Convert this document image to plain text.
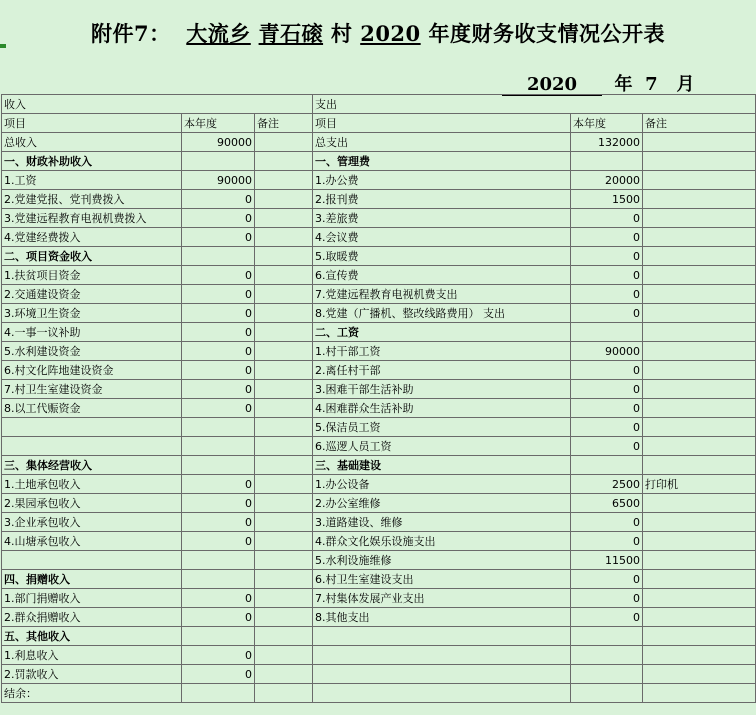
附件7： 大流乡 青石磙 村 2020 年度财务收支情况公开表
2020 年 7 月
收入			支出		
项目	本年度	备注	项目	本年度	备注
总收入	90000		总支出	132000	
一、财政补助收入			一、管理费		
1.工资	90000		1.办公费	20000	
2.党建党报、党刊费拨入	0		2.报刊费	1500	
3.党建远程教育电视机费拨入	0		3.差旅费	0	
4.党建经费拨入	0		4.会议费	0	
二、项目资金收入			5.取暖费	0	
1.扶贫项目资金	0		6.宣传费	0	
2.交通建设资金	0		7.党建远程教育电视机费支出	0	
3.环境卫生资金	0		8.党建（广播机、整改线路费用） 支出	0	
4.一事一议补助	0		二、工资		
5.水利建设资金	0		1.村干部工资	90000	
6.村文化阵地建设资金	0		2.离任村干部	0	
7.村卫生室建设资金	0		3.困难干部生活补助	0	
8.以工代赈资金	0		4.困难群众生活补助	0	
			5.保洁员工资	0	
			6.巡逻人员工资	0	
三、集体经营收入			三、基础建设		
1.土地承包收入	0		1.办公设备	2500	打印机
2.果园承包收入	0		2.办公室维修	6500	
3.企业承包收入	0		3.道路建设、维修	0	
4.山塘承包收入	0		4.群众文化娱乐设施支出	0	
			5.水利设施维修	11500	
四、捐赠收入			6.村卫生室建设支出	0	
1.部门捐赠收入	0		7.村集体发展产业支出	0	
2.群众捐赠收入	0		8.其他支出	0	
五、其他收入					
1.利息收入	0				
2.罚款收入	0				
结余：					
